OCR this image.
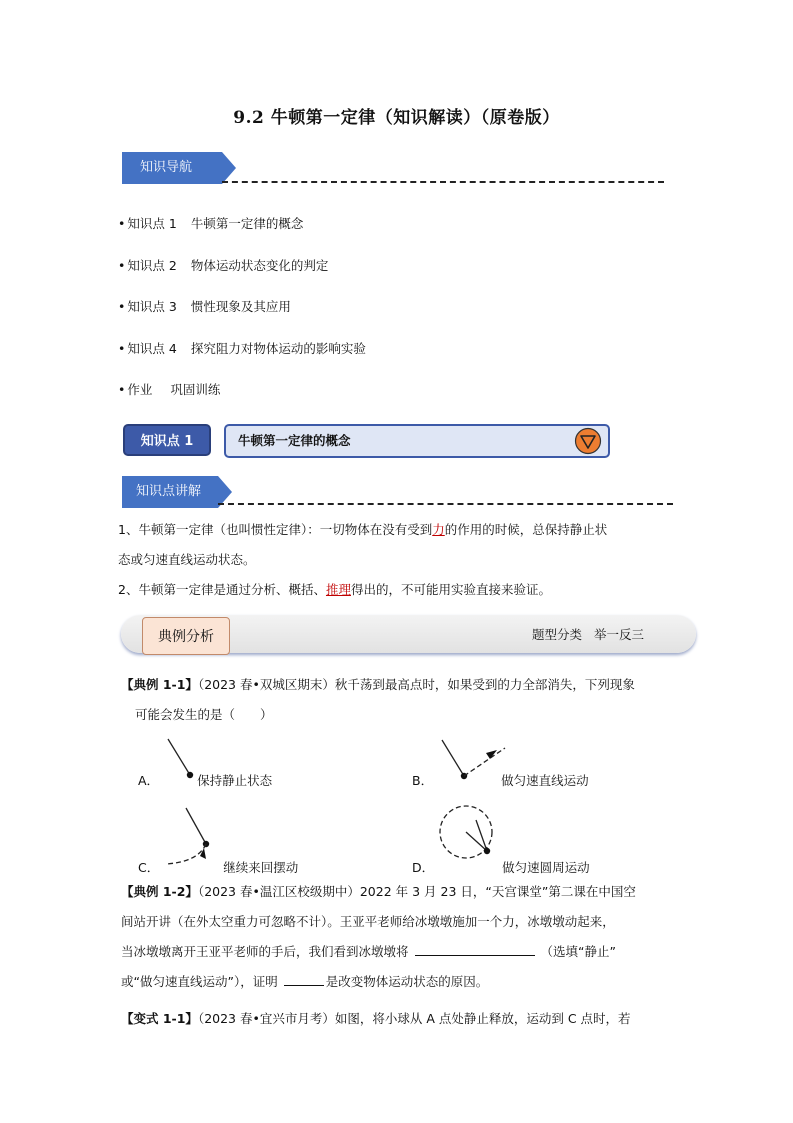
9.2 牛顿第一定律（知识解读）（原卷版）
知识导航
• 知识点 1 牛顿第一定律的概念
• 知识点 2 物体运动状态变化的判定
• 知识点 3 惯性现象及其应用
• 知识点 4 探究阻力对物体运动的影响实验
• 作业 巩固训练
知识点 1	牛顿第一定律的概念
知识点讲解
1、牛顿第一定律（也叫惯性定律）：一切物体在没有受到力的作用的时候，总保持静止状
态或匀速直线运动状态。
2、牛顿第一定律是通过分析、概括、推理得出的，不可能用实验直接来验证。
典例分析	题型分类 举一反三
【典例 1-1】（2023 春•双城区期末）秋千荡到最高点时，如果受到的力全部消失，下列现象
可能会发生的是（　　）
A．	保持静止状态	B．	做匀速直线运动
C．	继续来回摆动	D．	做匀速圆周运动
【典例 1-2】（2023 春•温江区校级期中）2022 年 3 月 23 日，“天宫课堂”第二课在中国空
间站开讲（在外太空重力可忽略不计）。王亚平老师给冰墩墩施加一个力，冰墩墩动起来，
当冰墩墩离开王亚平老师的手后，我们看到冰墩墩将	（选填“静止”
或“做匀速直线运动”），证明	是改变物体运动状态的原因。
【变式 1-1】（2023 春•宜兴市月考）如图，将小球从 A 点处静止释放，运动到 C 点时，若
